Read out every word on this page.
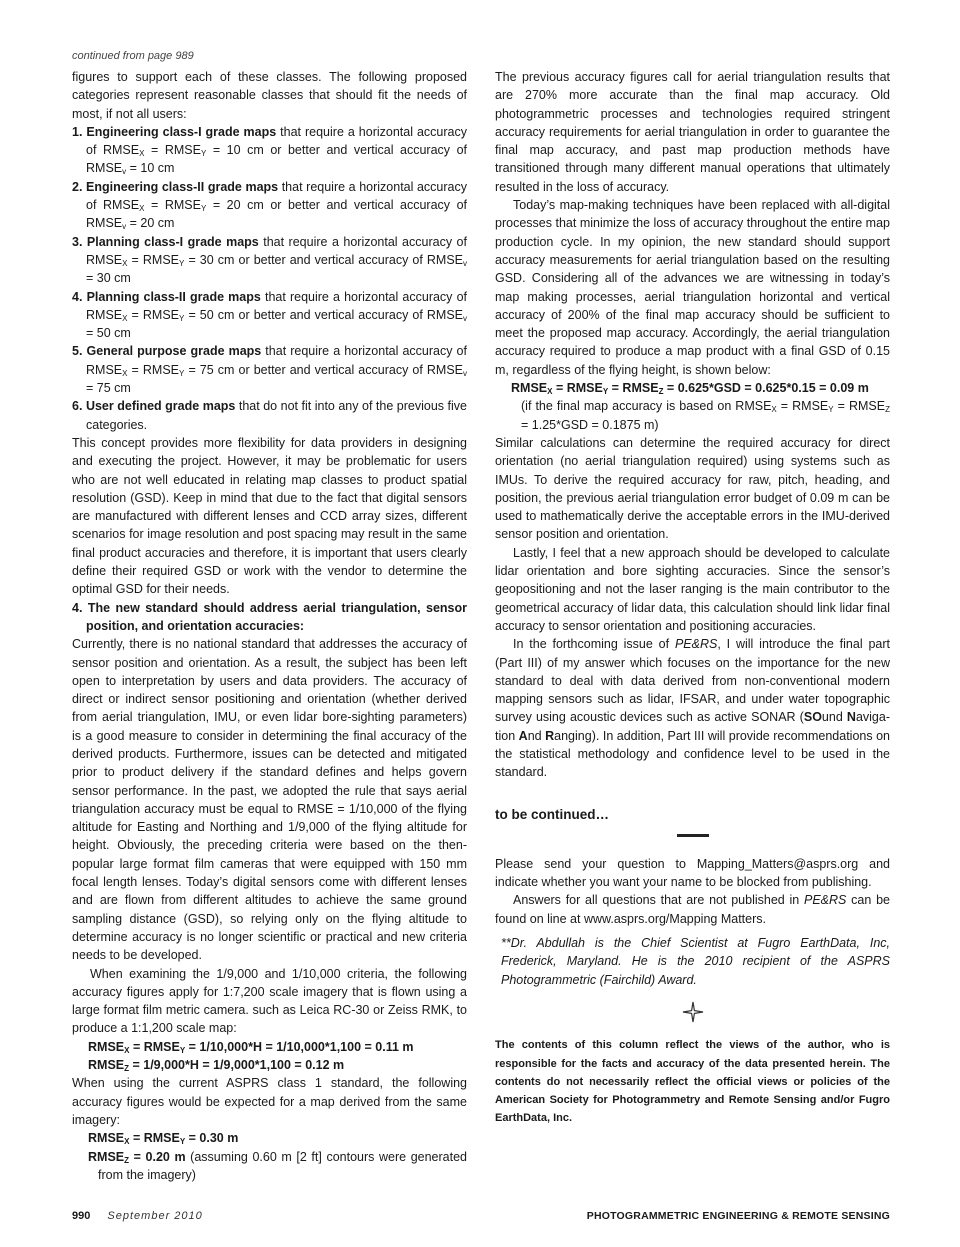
continued from page 989

figures to support each of these classes. The following proposed categories represent reasonable classes that should fit the needs of most, if not all users:

1. Engineering class-I grade maps that require a horizontal accuracy of $RMSE_X$ = $RMSE_Y = 10$ cm or better and vertical accuracy of $RMSE_v = 10$ cm

2. Engineering class-II grade maps that require a horizontal accuracy of $RMSE_X$ = $RMSE_Y = 20$ cm or better and vertical accuracy of $RMSE_v = 20$ cm

3. Planning class-I grade maps that require a horizontal accuracy of $RMSE_X$ = $RMSE_Y = 30$ cm or better and vertical accuracy of $RMSE_v = 30$ cm

4. Planning class-II grade maps that require a horizontal accuracy of $RMSE_X$ = $RMSE_Y = 50$ cm or better and vertical accuracy of $RMSE_v = 50$ cm

5. General purpose grade maps that require a horizontal accuracy of $RMSE_X$ = $RMSE_Y = 75$ cm or better and vertical accuracy of $RMSE_v = 75$ cm

6. User defined grade maps that do not fit into any of the previous five categories.

This concept provides more flexibility for data providers in designing and executing the project. However, it may be problematic for users who are not well educated in relating map classes to product spatial resolution (GSD). Keep in mind that due to the fact that digital sensors are manufactured with different lenses and CCD array sizes, different scenarios for image resolution and post spacing may result in the same final product accuracies and therefore, it is important that users clearly define their required GSD or work with the vendor to determine the optimal GSD for their needs.

4. The new standard should address aerial triangulation, sensor position, and orientation accuracies:

Currently, there is no national standard that addresses the accuracy of sensor position and orientation. As a result, the subject has been left open to interpretation by users and data providers. The accuracy of direct or indirect sensor positioning and orientation (whether derived from aerial triangulation, IMU, or even lidar bore-sighting parameters) is a good measure to consider in determining the final accuracy of the derived products. Furthermore, issues can be detected and mitigated prior to product delivery if the standard defines and helps govern sensor performance. In the past, we adopted the rule that says aerial triangulation accuracy must be equal to RMSE = 1/10,000 of the flying altitude for Easting and Northing and 1/9,000 of the flying altitude for height. Obviously, the preceding criteria were based on the then-popular large format film cameras that were equipped with 150 mm focal length lenses. Today’s digital sensors come with different lenses and are flown from different altitudes to achieve the same ground sampling distance (GSD), so relying only on the flying altitude to determine accuracy is no longer scientific or practical and new criteria needs to be developed.

When examining the 1/9,000 and 1/10,000 criteria, the following accuracy figures apply for 1:7,200 scale imagery that is flown using a large format film metric camera. such as Leica RC-30 or Zeiss RMK, to produce a 1:1,200 scale map:

$RMSE_X$ = $RMSE_Y = 1/10,000*H = 1/10,000*1,100 = 0.11$ m

$RMSE_Z = 1/9,000*H = 1/9,000*1,100 = 0.12$ m

When using the current ASPRS class 1 standard, the following accuracy figures would be expected for a map derived from the same imagery:

$RMSE_X$ = $RMSE_Y = 0.30$ m

$RMSE_Z = 0.20$ m (assuming 0.60 m [2 ft] contours were generated from the imagery)

The previous accuracy figures call for aerial triangulation results that are 270% more accurate than the final map accuracy. Old photogrammetric processes and technologies required stringent accuracy requirements for aerial triangulation in order to guarantee the final map accuracy, and past map production methods have transitioned through many different manual operations that ultimately resulted in the loss of accuracy.

Today’s map-making techniques have been replaced with all-digital processes that minimize the loss of accuracy throughout the entire map production cycle. In my opinion, the new standard should support accuracy measurements for aerial triangulation based on the resulting GSD. Considering all of the advances we are witnessing in today’s map making processes, aerial triangulation horizontal and vertical accuracy of 200% of the final map accuracy should be sufficient to meet the proposed map accuracy. Accordingly, the aerial triangulation accuracy required to produce a map product with a final GSD of 0.15 m, regardless of the flying height, is shown below:

$RMSE_X$ = $RMSE_Y$ = $RMSE_Z = 0.625*GSD = 0.625*0.15 = 0.09$ m

(if the final map accuracy is based on $RMSE_X$ = $RMSE_Y$ = $RMSE_Z = 1.25*GSD = 0.1875$ m)

Similar calculations can determine the required accuracy for direct orientation (no aerial triangulation required) using systems such as IMUs. To derive the required accuracy for raw, pitch, heading, and position, the previous aerial triangulation error budget of 0.09 m can be used to mathematically derive the acceptable errors in the IMU-derived sensor position and orientation.

Lastly, I feel that a new approach should be developed to calculate lidar orientation and bore sighting accuracies. Since the sensor’s geopositioning and not the laser ranging is the main contributor to the geometrical accuracy of lidar data, this calculation should link lidar final accuracy to sensor orientation and positioning accuracies.

In the forthcoming issue of PE&RS, I will introduce the final part (Part III) of my answer which focuses on the importance for the new standard to deal with data derived from non-conventional modern mapping sensors such as lidar, IFSAR, and under water topographic survey using acoustic devices such as active SONAR (SOund Naviga-tion And Ranging). In addition, Part III will provide recommendations on the statistical methodology and confidence level to be used in the standard.

to be continued…

Please send your question to Mapping_Matters@asprs.org and indicate whether you want your name to be blocked from publishing.

Answers for all questions that are not published in PE&RS can be found on line at www.asprs.org/Mapping Matters.

**Dr. Abdullah is the Chief Scientist at Fugro EarthData, Inc, Frederick, Maryland. He is the 2010 recipient of the ASPRS Photogrammetric (Fairchild) Award.

The contents of this column reflect the views of the author, who is responsible for the facts and accuracy of the data presented herein. The contents do not necessarily reflect the official views or policies of the American Society for Photogrammetry and Remote Sensing and/or Fugro EarthData, Inc.

990 September 2010	PHOTOGRAMMETRIC ENGINEERING & REMOTE SENSING
